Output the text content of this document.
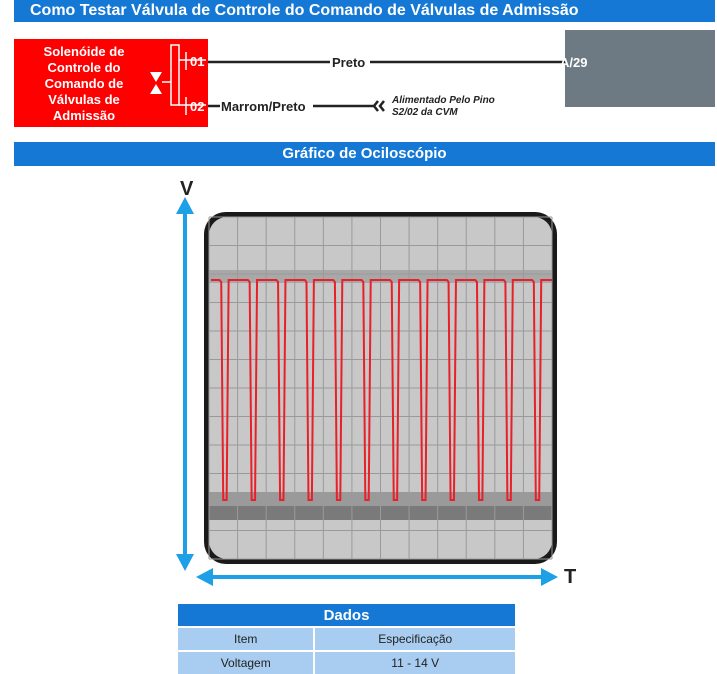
Como Testar Válvula de Controle do Comando de Válvulas de Admissão
Solenóide de
Controle do
Comando de
Válvulas de
Admissão
01
02
Preto
Marrom/Preto
A/29
Alimentado Pelo Pino
S2/02 da CVM
Gráfico de Ociloscópio
V
T
Dados	
Item	Especificação
Voltagem	11 - 14 V
